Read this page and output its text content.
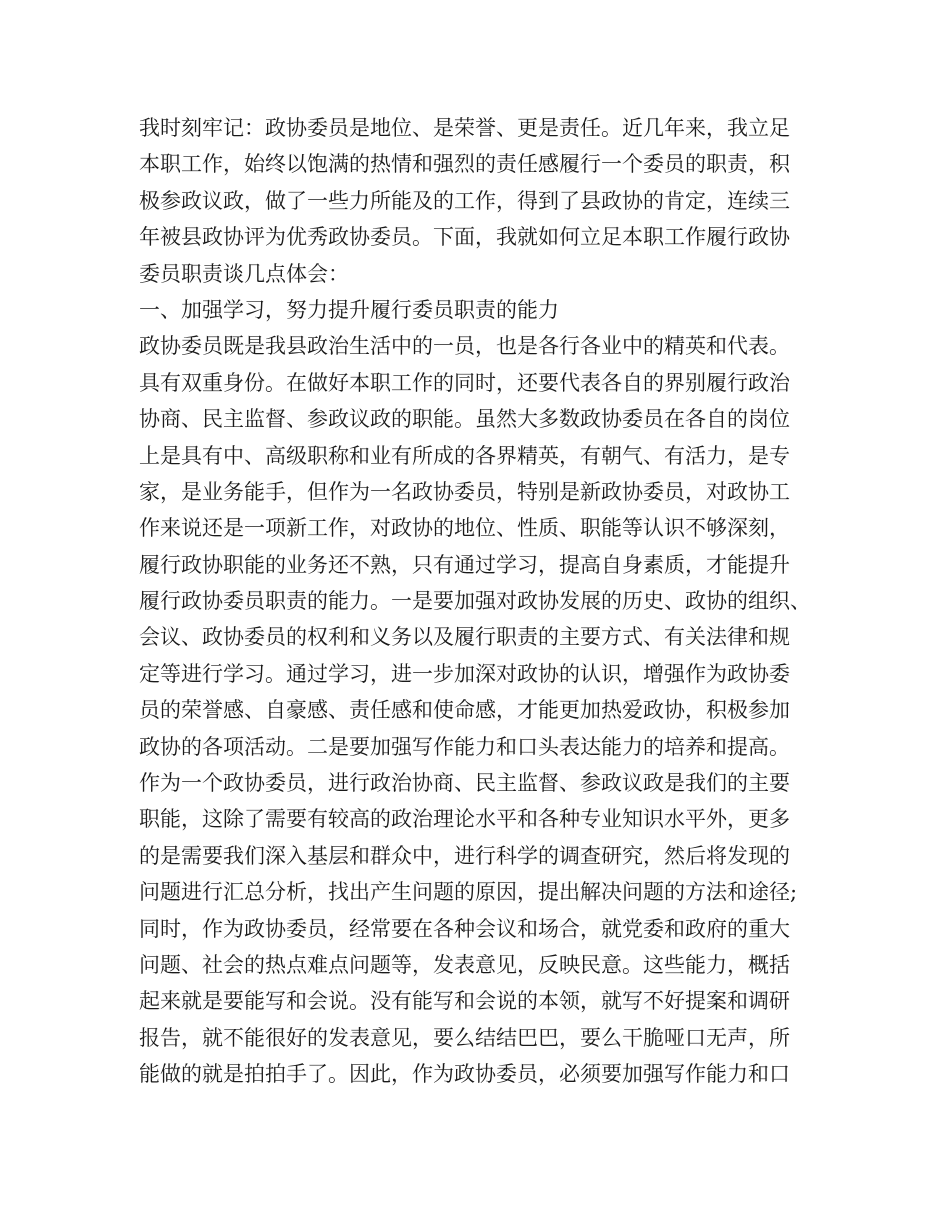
我时刻牢记：政协委员是地位、是荣誉、更是责任。近几年来，我立足
本职工作，始终以饱满的热情和强烈的责任感履行一个委员的职责，积
极参政议政，做了一些力所能及的工作，得到了县政协的肯定，连续三
年被县政协评为优秀政协委员。下面，我就如何立足本职工作履行政协
委员职责谈几点体会：
一、加强学习，努力提升履行委员职责的能力
政协委员既是我县政治生活中的一员，也是各行各业中的精英和代表。
具有双重身份。在做好本职工作的同时，还要代表各自的界别履行政治
协商、民主监督、参政议政的职能。虽然大多数政协委员在各自的岗位
上是具有中、高级职称和业有所成的各界精英，有朝气、有活力，是专
家，是业务能手，但作为一名政协委员，特别是新政协委员，对政协工
作来说还是一项新工作，对政协的地位、性质、职能等认识不够深刻，
履行政协职能的业务还不熟，只有通过学习，提高自身素质，才能提升
履行政协委员职责的能力。一是要加强对政协发展的历史、政协的组织、
会议、政协委员的权利和义务以及履行职责的主要方式、有关法律和规
定等进行学习。通过学习，进一步加深对政协的认识，增强作为政协委
员的荣誉感、自豪感、责任感和使命感，才能更加热爱政协，积极参加
政协的各项活动。二是要加强写作能力和口头表达能力的培养和提高。
作为一个政协委员，进行政治协商、民主监督、参政议政是我们的主要
职能，这除了需要有较高的政治理论水平和各种专业知识水平外，更多
的是需要我们深入基层和群众中，进行科学的调查研究，然后将发现的
问题进行汇总分析，找出产生问题的原因，提出解决问题的方法和途径;
同时，作为政协委员，经常要在各种会议和场合，就党委和政府的重大
问题、社会的热点难点问题等，发表意见，反映民意。这些能力，概括
起来就是要能写和会说。没有能写和会说的本领，就写不好提案和调研
报告，就不能很好的发表意见，要么结结巴巴，要么干脆哑口无声，所
能做的就是拍拍手了。因此，作为政协委员，必须要加强写作能力和口
